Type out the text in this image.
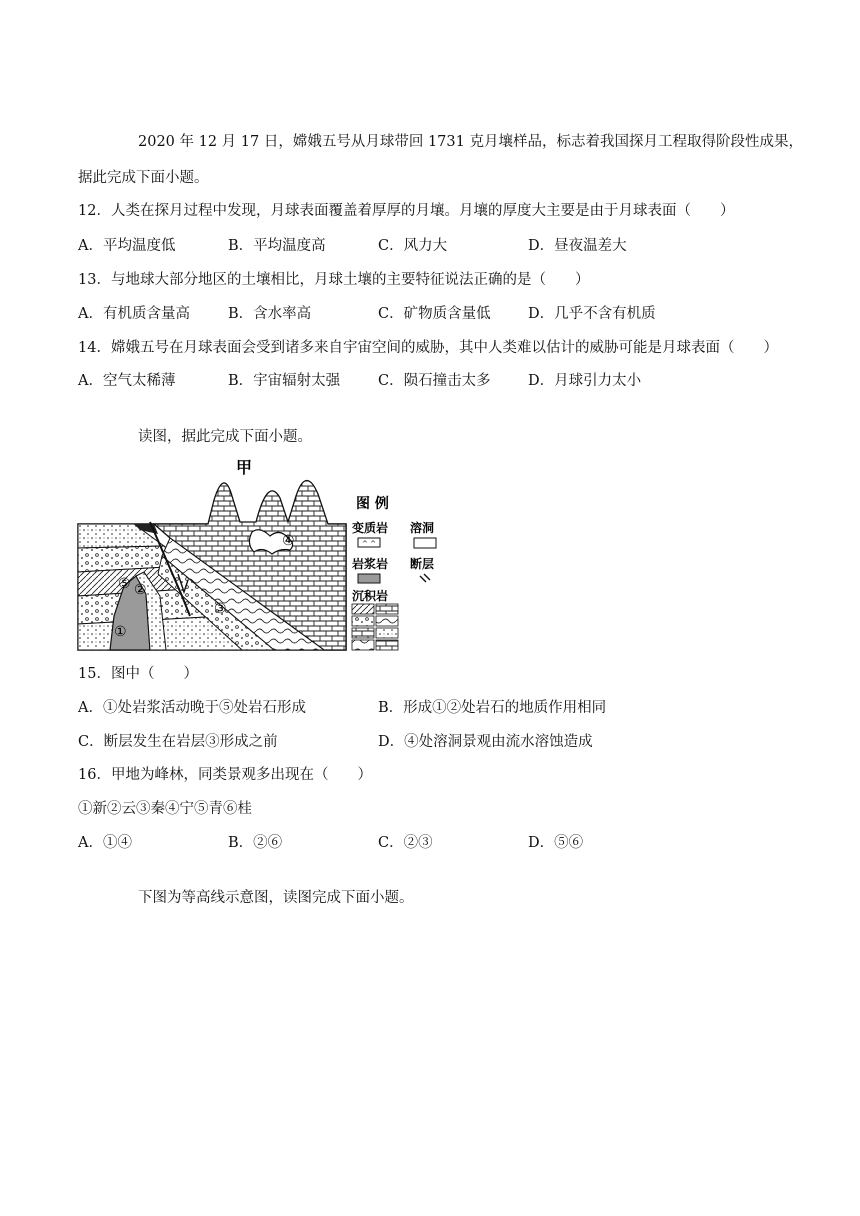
2020 年 12 月 17 日，嫦娥五号从月球带回 1731 克月壤样品，标志着我国探月工程取得阶段性成果，
据此完成下面小题。
12．人类在探月过程中发现，月球表面覆盖着厚厚的月壤。月壤的厚度大主要是由于月球表面（　　）
A．平均温度低	B．平均温度高	C．风力大	D．昼夜温差大
13．与地球大部分地区的土壤相比，月球土壤的主要特征说法正确的是（　　）
A．有机质含量高	B．含水率高	C．矿物质含量低	D．几乎不含有机质
14．嫦娥五号在月球表面会受到诸多来自宇宙空间的威胁，其中人类难以估计的威胁可能是月球表面（　　）
A．空气太稀薄	B．宇宙辐射太强	C．陨石撞击太多	D．月球引力太小
读图，据此完成下面小题。
甲
①
②
③
④
⑤
图 例
变质岩
^ ^
溶洞
岩浆岩 断层
沉积岩
15．图中（　　）
A．①处岩浆活动晚于⑤处岩石形成	B．形成①②处岩石的地质作用相同
C．断层发生在岩层③形成之前	D．④处溶洞景观由流水溶蚀造成
16．甲地为峰林，同类景观多出现在（　　）
①新②云③秦④宁⑤青⑥桂
A．①④	B．②⑥	C．②③	D．⑤⑥
下图为等高线示意图，读图完成下面小题。
